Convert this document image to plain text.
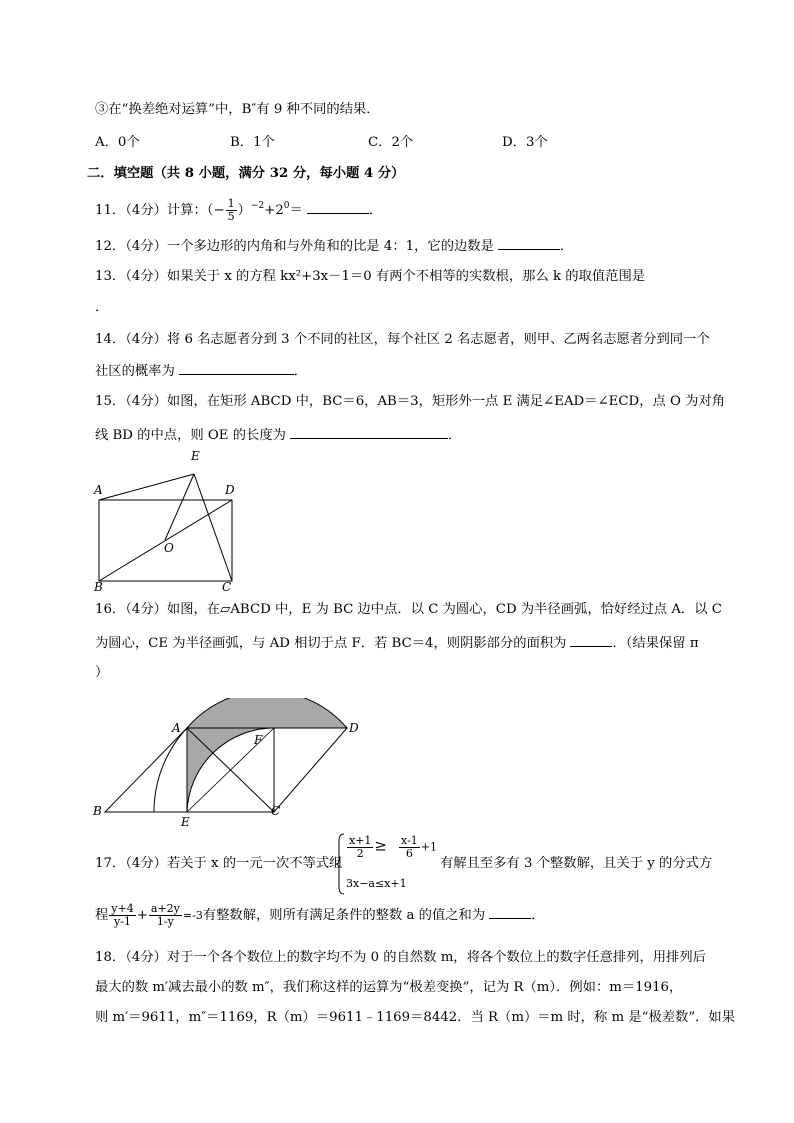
③在“换差绝对运算”中，B″有 9 种不同的结果．
A．0个	B．1个	C．2个	D．3个
二．填空题（共 8 小题，满分 32 分，每小题 4 分）
11．（4分）计算：（− $\frac{1}{5} )^{-2}+2^0=$	．
12．（4分）一个多边形的内角和与外角和的比是 4：1，它的边数是	．
13．（4分）如果关于 x 的方程 kx²+3x－1＝0 有两个不相等的实数根，那么 k 的取值范围是
．
14．（4分）将 6 名志愿者分到 3 个不同的社区，每个社区 2 名志愿者，则甲、乙两名志愿者分到同一个
社区的概率为	．
15．（4分）如图，在矩形 ABCD 中，BC＝6，AB＝3，矩形外一点 E 满足∠EAD＝∠ECD，点 O 为对角
线 BD 的中点，则 OE 的长度为	．
E
A	D
O
B	C
16．（4分）如图，在▱ABCD 中，E 为 BC 边中点．以 C 为圆心，CD 为半径画弧，恰好经过点 A．以 C
为圆心，CE 为半径画弧，与 AD 相切于点 F．若 BC＝4，则阴影部分的面积为	．（结果保留 π
）
A	D
F
B
E
C
17．（4分）若关于 x 的一元一次不等式组
$\frac{x+1}{2} \ge \frac{x-1}{6} +1$
3x−a≤x+1
有解且至多有 3 个整数解，且关于 y 的分式方
程 $\frac{y+4}{y-1} + \frac{a+2y}{1-y} =-3$有整数解，则所有满足条件的整数 a 的值之和为	．
18．（4分）对于一个各个数位上的数字均不为 0 的自然数 m，将各个数位上的数字任意排列，用排列后
最大的数 m′减去最小的数 m″，我们称这样的运算为“极差变换”，记为 R（m）．例如：m＝1916，
则 m′＝9611，m″＝1169，R（m）＝9611﹣1169＝8442．当 R（m）＝m 时，称 m 是“极差数”．如果
